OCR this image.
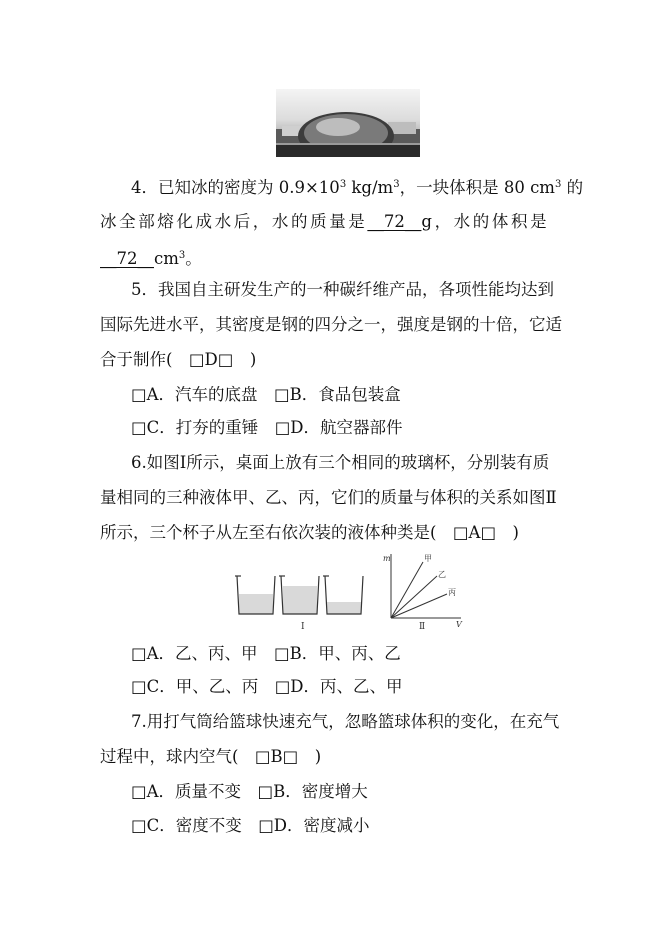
4．已知冰的密度为 $0.9\times 10^3$ $kg/m^3$，一块体积是 80 $cm^3$ 的
冰全部熔化成水后，水的质量是__72__g，水的体积是
$\_\_72\_\_cm^3$。
5．我国自主研发生产的一种碳纤维产品，各项性能均达到
国际先进水平，其密度是钢的四分之一，强度是钢的十倍，它适
合于制作(　□D□　)
□A．汽车的底盘　□B．食品包装盒
□C．打夯的重锤　□D．航空器部件
6.如图Ⅰ所示，桌面上放有三个相同的玻璃杯，分别装有质
量相同的三种液体甲、乙、丙，它们的质量与体积的关系如图Ⅱ
所示，三个杯子从左至右依次装的液体种类是(　□A□　)
Ⅰ
m
V
甲
乙
丙
Ⅱ
□A．乙、丙、甲　□B．甲、丙、乙
□C．甲、乙、丙　□D．丙、乙、甲
7.用打气筒给篮球快速充气，忽略篮球体积的变化，在充气
过程中，球内空气(　□B□　)
□A．质量不变　□B．密度增大
□C．密度不变　□D．密度减小
